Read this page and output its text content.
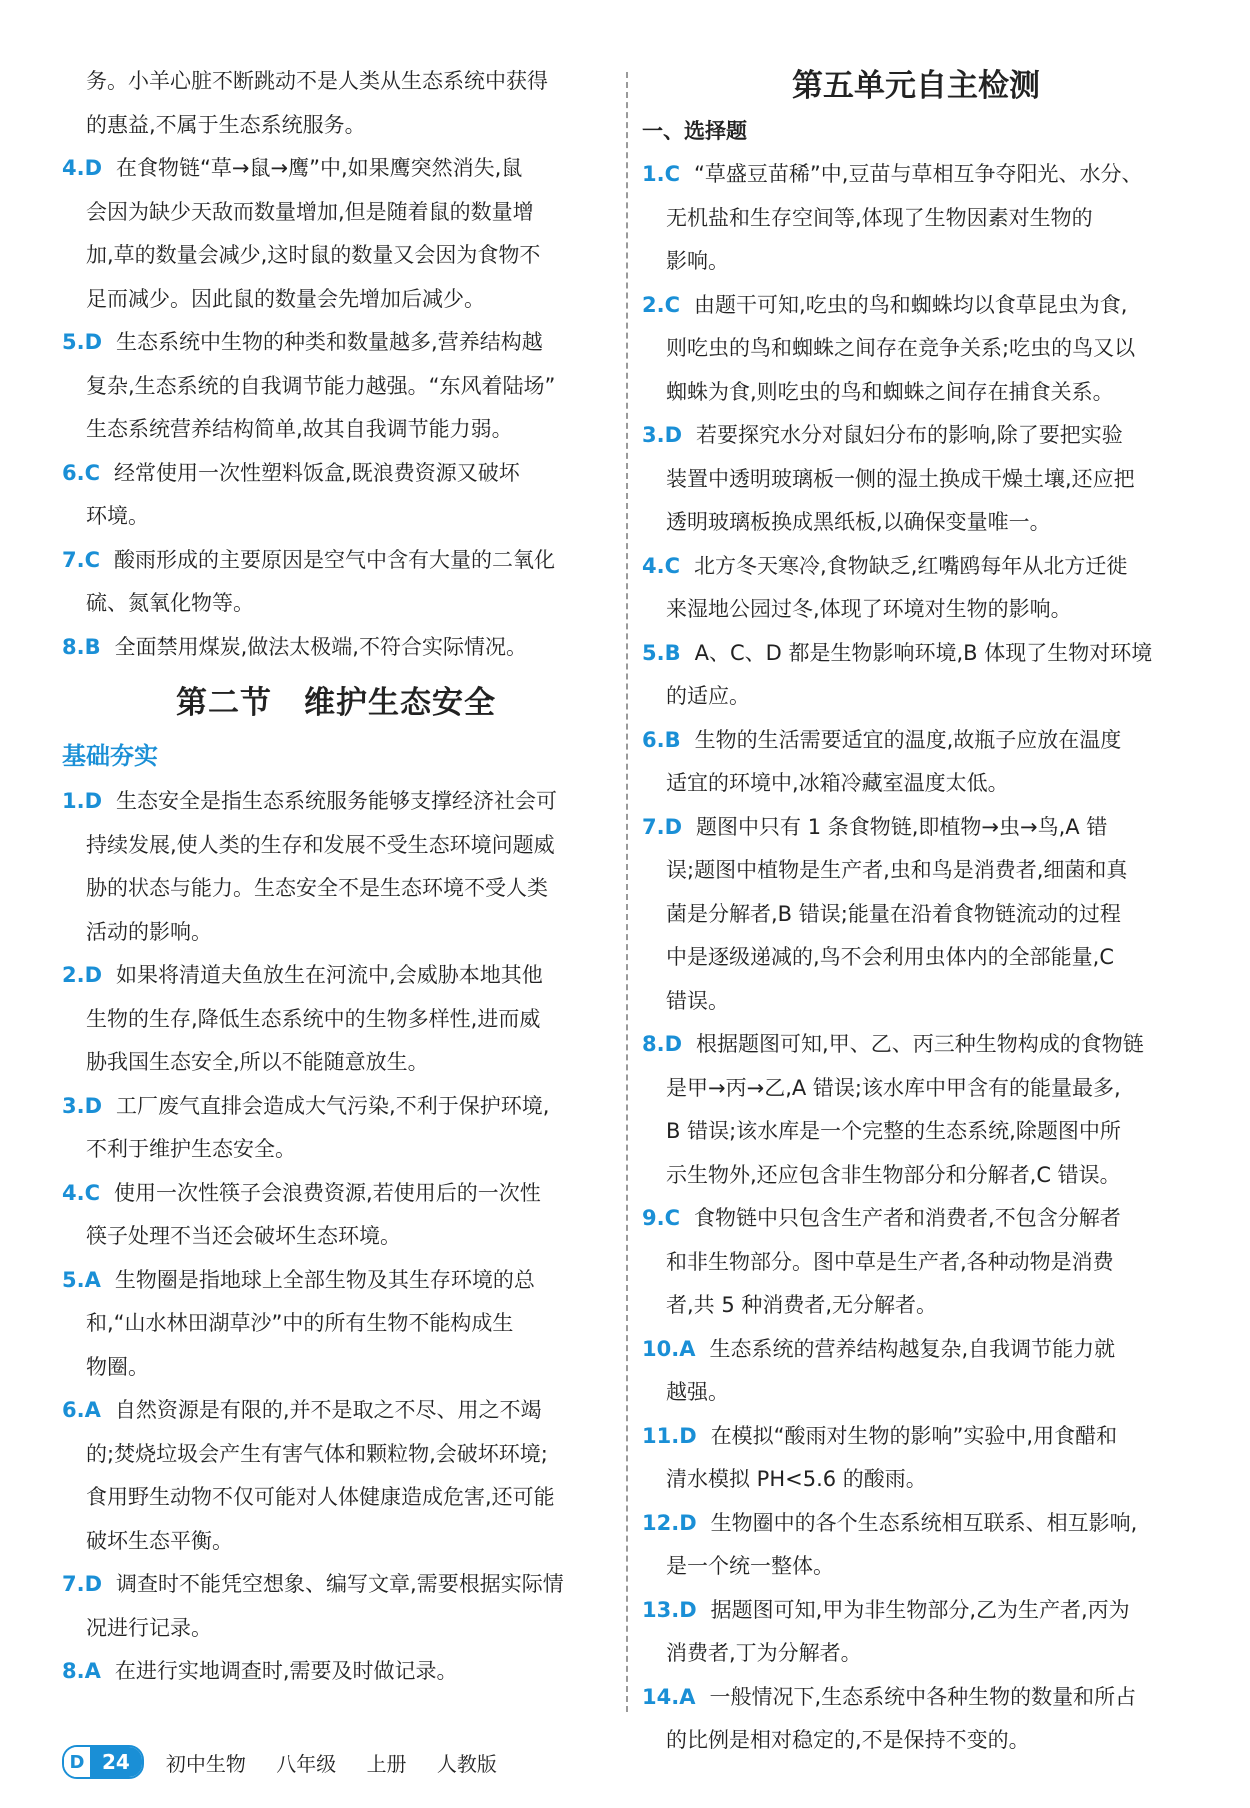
务。小羊心脏不断跳动不是人类从生态系统中获得

的惠益,不属于生态系统服务。

4.D 在食物链“草→鼠→鹰”中,如果鹰突然消失,鼠

会因为缺少天敌而数量增加,但是随着鼠的数量增

加,草的数量会减少,这时鼠的数量又会因为食物不

足而减少。因此鼠的数量会先增加后减少。

5.D 生态系统中生物的种类和数量越多,营养结构越

复杂,生态系统的自我调节能力越强。“东风着陆场”

生态系统营养结构简单,故其自我调节能力弱。

6.C 经常使用一次性塑料饭盒,既浪费资源又破坏

环境。

7.C 酸雨形成的主要原因是空气中含有大量的二氧化

硫、氮氧化物等。

8.B 全面禁用煤炭,做法太极端,不符合实际情况。

第二节　维护生态安全
基础夯实

1.D 生态安全是指生态系统服务能够支撑经济社会可

持续发展,使人类的生存和发展不受生态环境问题威

胁的状态与能力。生态安全不是生态环境不受人类

活动的影响。

2.D 如果将清道夫鱼放生在河流中,会威胁本地其他

生物的生存,降低生态系统中的生物多样性,进而威

胁我国生态安全,所以不能随意放生。

3.D 工厂废气直排会造成大气污染,不利于保护环境,

不利于维护生态安全。

4.C 使用一次性筷子会浪费资源,若使用后的一次性

筷子处理不当还会破坏生态环境。

5.A 生物圈是指地球上全部生物及其生存环境的总

和,“山水林田湖草沙”中的所有生物不能构成生

物圈。

6.A 自然资源是有限的,并不是取之不尽、用之不竭

的;焚烧垃圾会产生有害气体和颗粒物,会破坏环境;

食用野生动物不仅可能对人体健康造成危害,还可能

破坏生态平衡。

7.D 调查时不能凭空想象、编写文章,需要根据实际情

况进行记录。

8.A 在进行实地调查时,需要及时做记录。

第五单元自主检测
一、选择题

1.C “草盛豆苗稀”中,豆苗与草相互争夺阳光、水分、

无机盐和生存空间等,体现了生物因素对生物的

影响。

2.C 由题干可知,吃虫的鸟和蜘蛛均以食草昆虫为食,

则吃虫的鸟和蜘蛛之间存在竞争关系;吃虫的鸟又以

蜘蛛为食,则吃虫的鸟和蜘蛛之间存在捕食关系。

3.D 若要探究水分对鼠妇分布的影响,除了要把实验

装置中透明玻璃板一侧的湿土换成干燥土壤,还应把

透明玻璃板换成黑纸板,以确保变量唯一。

4.C 北方冬天寒冷,食物缺乏,红嘴鸥每年从北方迁徙

来湿地公园过冬,体现了环境对生物的影响。

5.B A、C、D 都是生物影响环境,B 体现了生物对环境

的适应。

6.B 生物的生活需要适宜的温度,故瓶子应放在温度

适宜的环境中,冰箱冷藏室温度太低。

7.D 题图中只有 1 条食物链,即植物→虫→鸟,A 错

误;题图中植物是生产者,虫和鸟是消费者,细菌和真

菌是分解者,B 错误;能量在沿着食物链流动的过程

中是逐级递减的,鸟不会利用虫体内的全部能量,C

错误。

8.D 根据题图可知,甲、乙、丙三种生物构成的食物链

是甲→丙→乙,A 错误;该水库中甲含有的能量最多,

B 错误;该水库是一个完整的生态系统,除题图中所

示生物外,还应包含非生物部分和分解者,C 错误。

9.C 食物链中只包含生产者和消费者,不包含分解者

和非生物部分。图中草是生产者,各种动物是消费

者,共 5 种消费者,无分解者。

10.A 生态系统的营养结构越复杂,自我调节能力就

越强。

11.D 在模拟“酸雨对生物的影响”实验中,用食醋和

清水模拟 PH<5.6 的酸雨。

12.D 生物圈中的各个生态系统相互联系、相互影响,

是一个统一整体。

13.D 据题图可知,甲为非生物部分,乙为生产者,丙为

消费者,丁为分解者。

14.A 一般情况下,生态系统中各种生物的数量和所占

的比例是相对稳定的,不是保持不变的。

D 24	初中生物 八年级 上册 人教版
